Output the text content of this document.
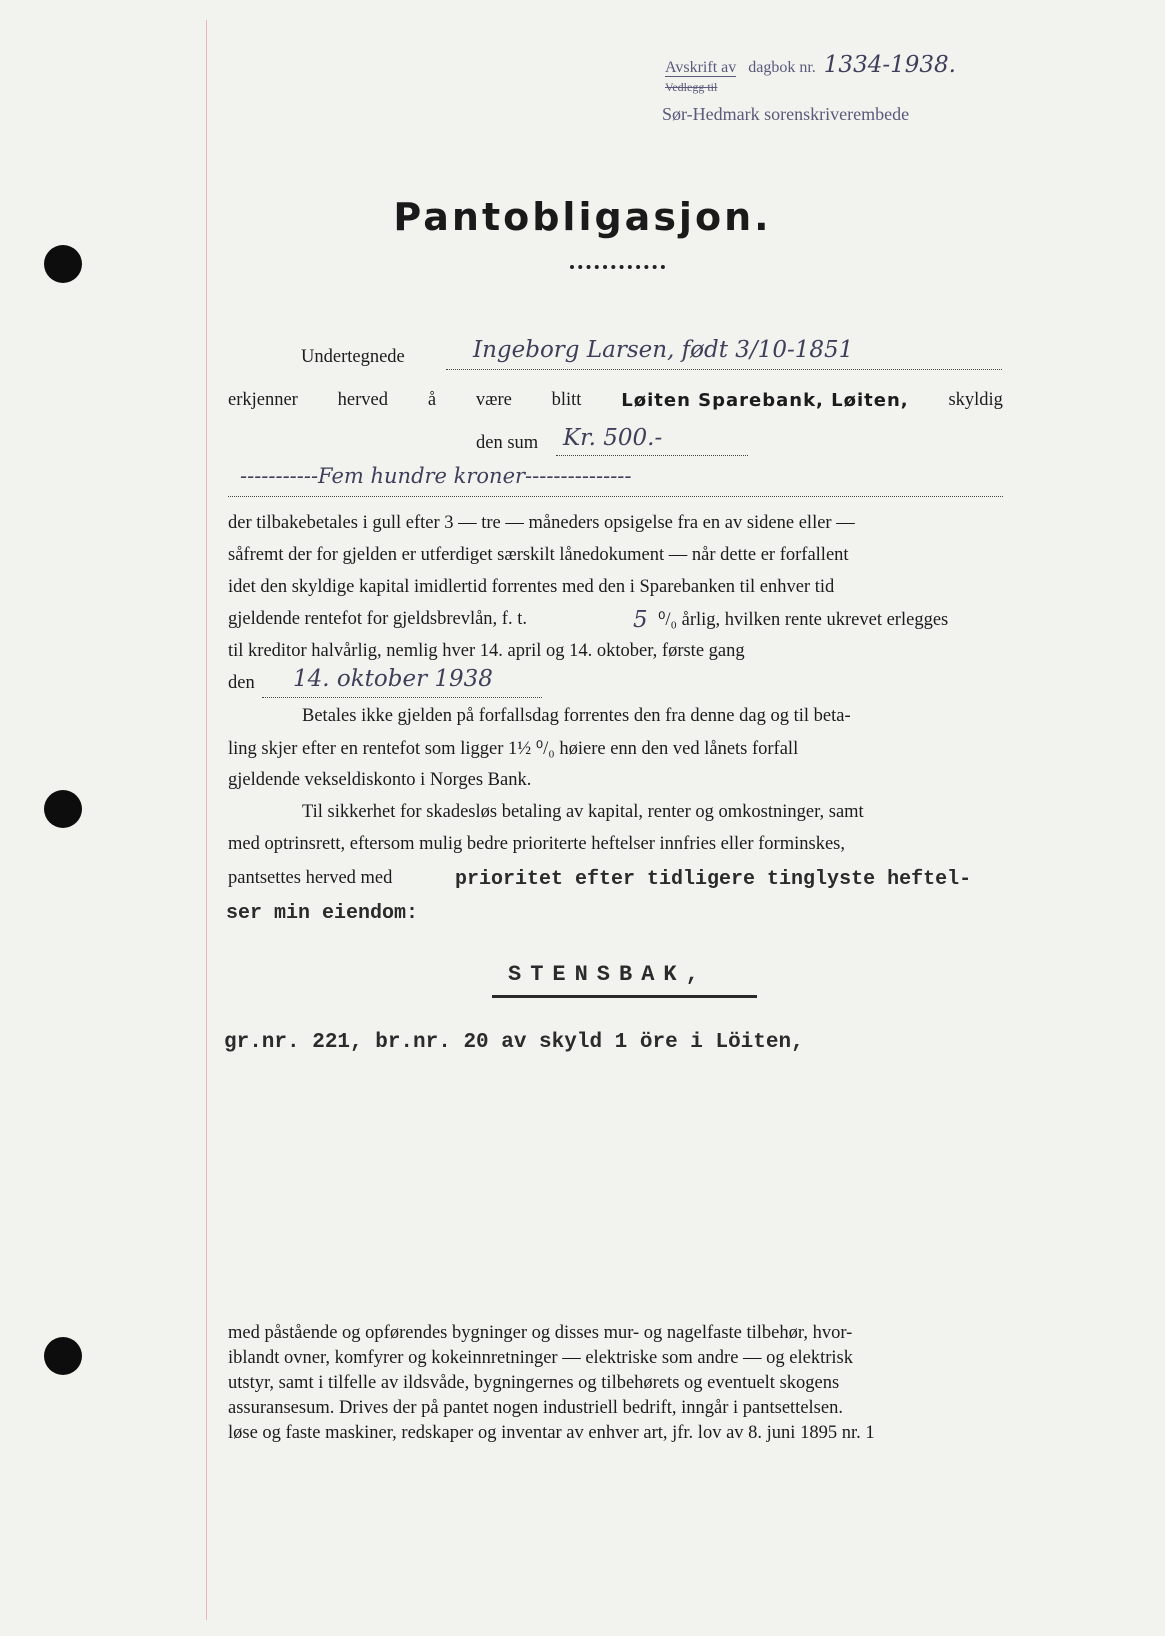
Avskrift av dagbok nr. 1334-1938.
Vedlegg til
Sør-Hedmark sorenskriverembede
Pantobligasjon.
Undertegnede	Ingeborg Larsen, født 3/10-1851
erkjenner herved å være blitt Løiten Sparebank, Løiten, skyldig
den sum Kr. 500.-
-----------Fem hundre kroner---------------
der tilbakebetales i gull efter 3 — tre — måneders opsigelse fra en av sidene eller —
såfremt der for gjelden er utferdiget særskilt lånedokument — når dette er forfallent
idet den skyldige kapital imidlertid forrentes med den i Sparebanken til enhver tid
gjeldende rentefot for gjeldsbrevlån, f. t.	5 ⁰/₀ årlig, hvilken rente ukrevet erlegges
til kreditor halvårlig, nemlig hver 14. april og 14. oktober, første gang
den 14. oktober 1938
Betales ikke gjelden på forfallsdag forrentes den fra denne dag og til beta-
ling skjer efter en rentefot som ligger 1½ ⁰/₀ høiere enn den ved lånets forfall
gjeldende vekseldiskonto i Norges Bank.
Til sikkerhet for skadesløs betaling av kapital, renter og omkostninger, samt
med optrinsrett, eftersom mulig bedre prioriterte heftelser innfries eller forminskes,
pantsettes herved med	prioritet efter tidligere tinglyste heftel-
ser min eiendom:
STENSBAK,
gr.nr. 221, br.nr. 20 av skyld 1 öre i Löiten,
med påstående og opførendes bygninger og disses mur- og nagelfaste tilbehør, hvor-
iblandt ovner, komfyrer og kokeinnretninger — elektriske som andre — og elektrisk
utstyr, samt i tilfelle av ildsvåde, bygningernes og tilbehørets og eventuelt skogens
assuransesum. Drives der på pantet nogen industriell bedrift, inngår i pantsettelsen.
løse og faste maskiner, redskaper og inventar av enhver art, jfr. lov av 8. juni 1895 nr. 1
